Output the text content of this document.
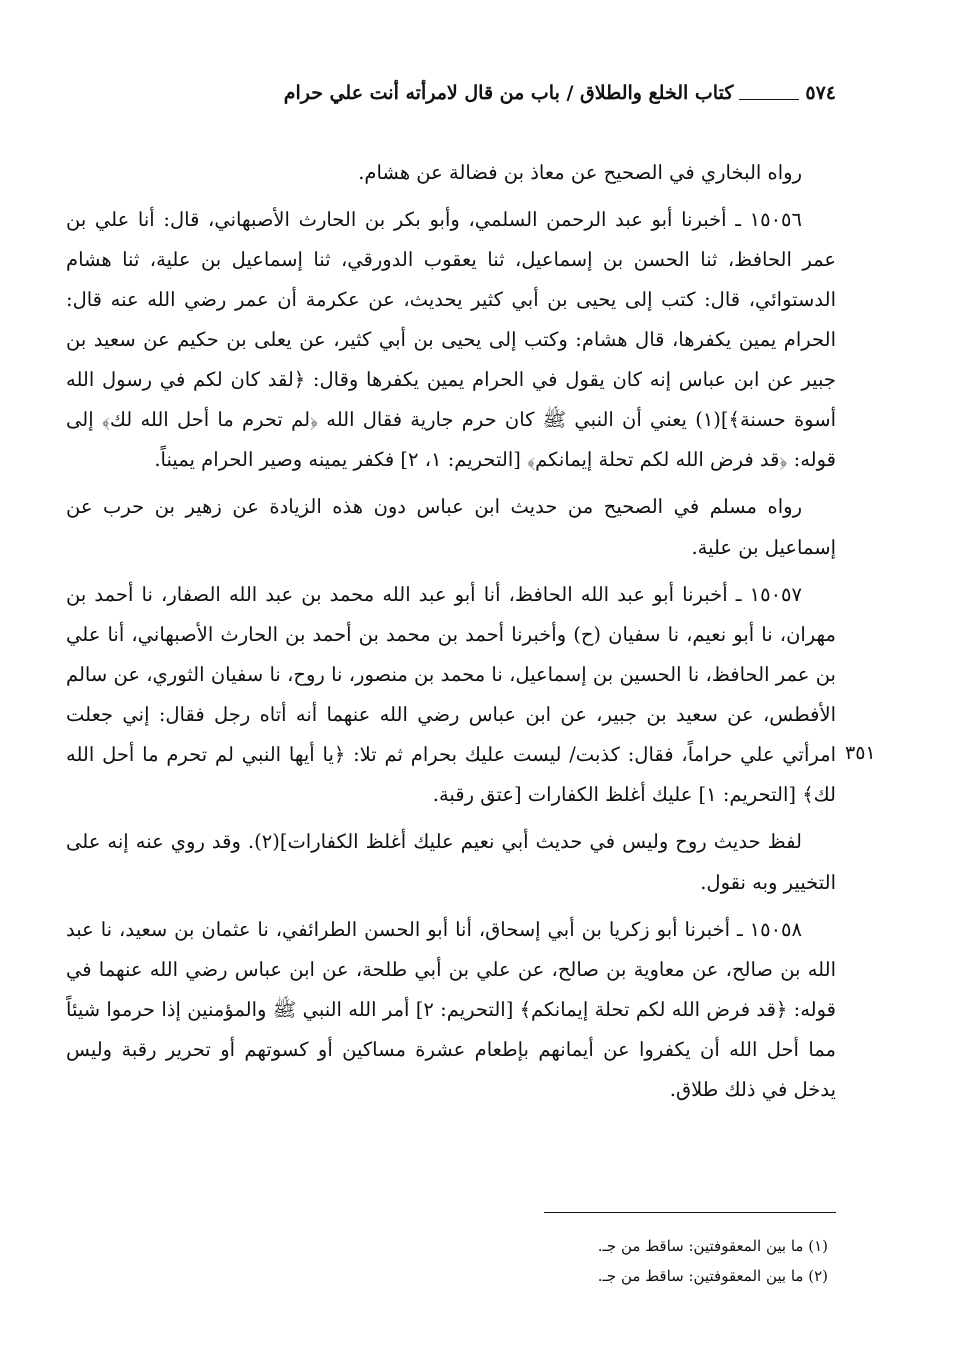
٥٧٤
كتاب الخلع والطلاق / باب من قال لامرأته أنت علي حرام

رواه البخاري في الصحيح عن معاذ بن فضالة عن هشام.

١٥٠٥٦ ـ أخبرنا أبو عبد الرحمن السلمي، وأبو بكر بن الحارث الأصبهاني، قال: أنا علي بن عمر الحافظ، ثنا الحسن بن إسماعيل، ثنا يعقوب الدورقي، ثنا إسماعيل بن علية، ثنا هشام الدستوائي، قال: كتب إلى يحيى بن أبي كثير يحديث، عن عكرمة أن عمر رضي الله عنه قال: الحرام يمين يكفرها، قال هشام: وكتب إلى يحيى بن أبي كثير، عن يعلى بن حكيم عن سعيد بن جبير عن ابن عباس إنه كان يقول في الحرام يمين يكفرها وقال: ﴿لقد كان لكم في رسول الله أسوة حسنة﴾](١) يعني أن النبي ﷺ كان حرم جارية فقال الله ﴿لم تحرم ما أحل الله لك﴾ إلى قوله: ﴿قد فرض الله لكم تحلة إيمانكم﴾ [التحريم: ١، ٢] فكفر يمينه وصير الحرام يميناً.

رواه مسلم في الصحيح من حديث ابن عباس دون هذه الزيادة عن زهير بن حرب عن إسماعيل بن علية.

١٥٠٥٧ ـ أخبرنا أبو عبد الله الحافظ، أنا أبو عبد الله محمد بن عبد الله الصفار، نا أحمد بن مهران، نا أبو نعيم، نا سفيان (ح) وأخبرنا أحمد بن محمد بن أحمد بن الحارث الأصبهاني، أنا علي بن عمر الحافظ، نا الحسين بن إسماعيل، نا محمد بن منصور، نا روح، نا سفيان الثوري، عن سالم الأفطس، عن سعيد بن جبير، عن ابن عباس رضي الله عنهما أنه أتاه رجل فقال: إني جعلت امرأتي علي حراماً، فقال: كذبت/ ليست عليك بحرام ثم تلا: ﴿يا أيها النبي لم تحرم ما أحل الله لك﴾ [التحريم: ١] عليك أغلظ الكفارات [عتق رقبة.

لفظ حديث روح وليس في حديث أبي نعيم عليك أغلظ الكفارات](٢). وقد روي عنه إنه على التخيير وبه نقول.

١٥٠٥٨ ـ أخبرنا أبو زكريا بن أبي إسحاق، أنا أبو الحسن الطرائفي، نا عثمان بن سعيد، نا عبد الله بن صالح، عن معاوية بن صالح، عن علي بن أبي طلحة، عن ابن عباس رضي الله عنهما في قوله: ﴿قد فرض الله لكم تحلة إيمانكم﴾ [التحريم: ٢] أمر الله النبي ﷺ والمؤمنين إذا حرموا شيئاً مما أحل الله أن يكفروا عن أيمانهم بإطعام عشرة مساكين أو كسوتهم أو تحرير رقبة وليس يدخل في ذلك طلاق.

٣٥١
(١) ما بين المعقوفتين: ساقط من جـ.
(٢) ما بين المعقوفتين: ساقط من جـ.
